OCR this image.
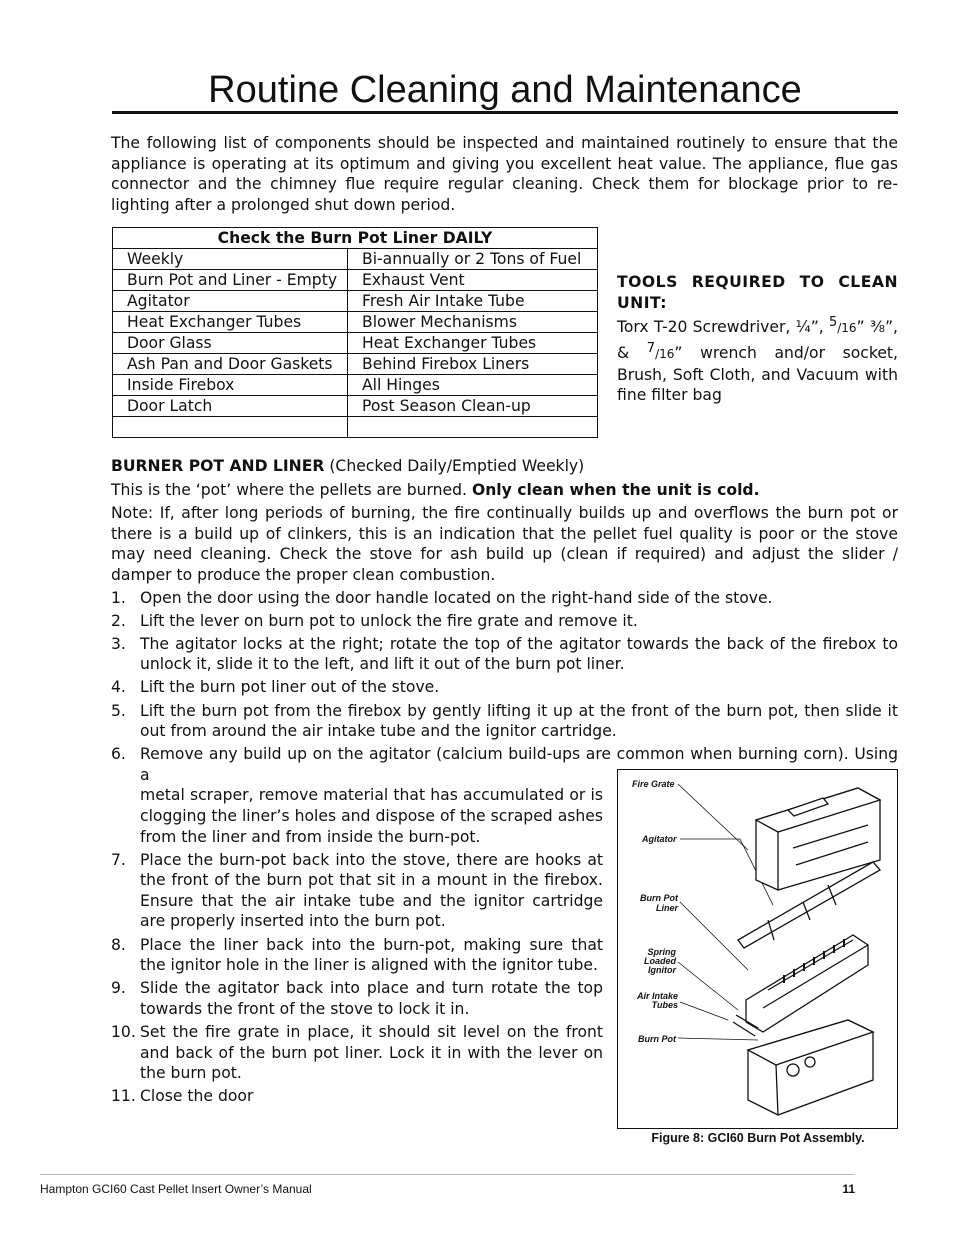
Routine Cleaning and Maintenance

The following list of components should be inspected and maintained routinely to ensure that the appliance is operating at its optimum and giving you excellent heat value. The appliance, flue gas connector and the chimney flue require regular cleaning. Check them for blockage prior to re-lighting after a prolonged shut down period.

Check the Burn Pot Liner DAILY	
Weekly	Bi-annually or 2 Tons of Fuel
Burn Pot and Liner - Empty	Exhaust Vent
Agitator	Fresh Air Intake Tube
Heat Exchanger Tubes	Blower Mechanisms
Door Glass	Heat Exchanger Tubes
Ash Pan and Door Gaskets	Behind Firebox Liners
Inside Firebox	All Hinges
Door Latch	Post Season Clean-up

TOOLS REQUIRED TO CLEAN UNIT:
Torx T-20 Screwdriver, ¼”, $^5$/16” ⅜”, & $^7$/16” wrench and/or socket, Brush, Soft Cloth, and Vacuum with fine filter bag

BURNER POT AND LINER (Checked Daily/Emptied Weekly)

This is the ‘pot’ where the pellets are burned. Only clean when the unit is cold.

Note: If, after long periods of burning, the fire continually builds up and overflows the burn pot or there is a build up of clinkers, this is an indication that the pellet fuel quality is poor or the stove may need cleaning. Check the stove for ash build up (clean if required) and adjust the slider / damper to produce the proper clean combustion.

1. Open the door using the door handle located on the right-hand side of the stove.
2. Lift the lever on burn pot to unlock the fire grate and remove it.
3. The agitator locks at the right; rotate the top of the agitator towards the back of the firebox to unlock it, slide it to the left, and lift it out of the burn pot liner.
4. Lift the burn pot liner out of the stove.
5. Lift the burn pot from the firebox by gently lifting it up at the front of the burn pot, then slide it out from around the air intake tube and the ignitor cartridge.
6. Remove any build up on the agitator (calcium build-ups are common when burning corn). Using a
metal scraper, remove material that has accumulated or is clogging the liner’s holes and dispose of the scraped ashes from the liner and from inside the burn-pot.
7. Place the burn-pot back into the stove, there are hooks at the front of the burn pot that sit in a mount in the firebox. Ensure that the air intake tube and the ignitor cartridge are properly inserted into the burn pot.
8. Place the liner back into the burn-pot, making sure that the ignitor hole in the liner is aligned with the ignitor tube.
9. Slide the agitator back into place and turn rotate the top towards the front of the stove to lock it in.
10. Set the fire grate in place, it should sit level on the front and back of the burn pot liner. Lock it in with the lever on the burn pot.
11. Close the door
Fire Grate
Agitator
Burn Pot
Liner
Spring
Loaded
Ignitor
Air Intake
Tubes
Burn Pot
Figure 8: GCI60 Burn Pot Assembly.
Hampton GCI60 Cast Pellet Insert Owner’s Manual	11
